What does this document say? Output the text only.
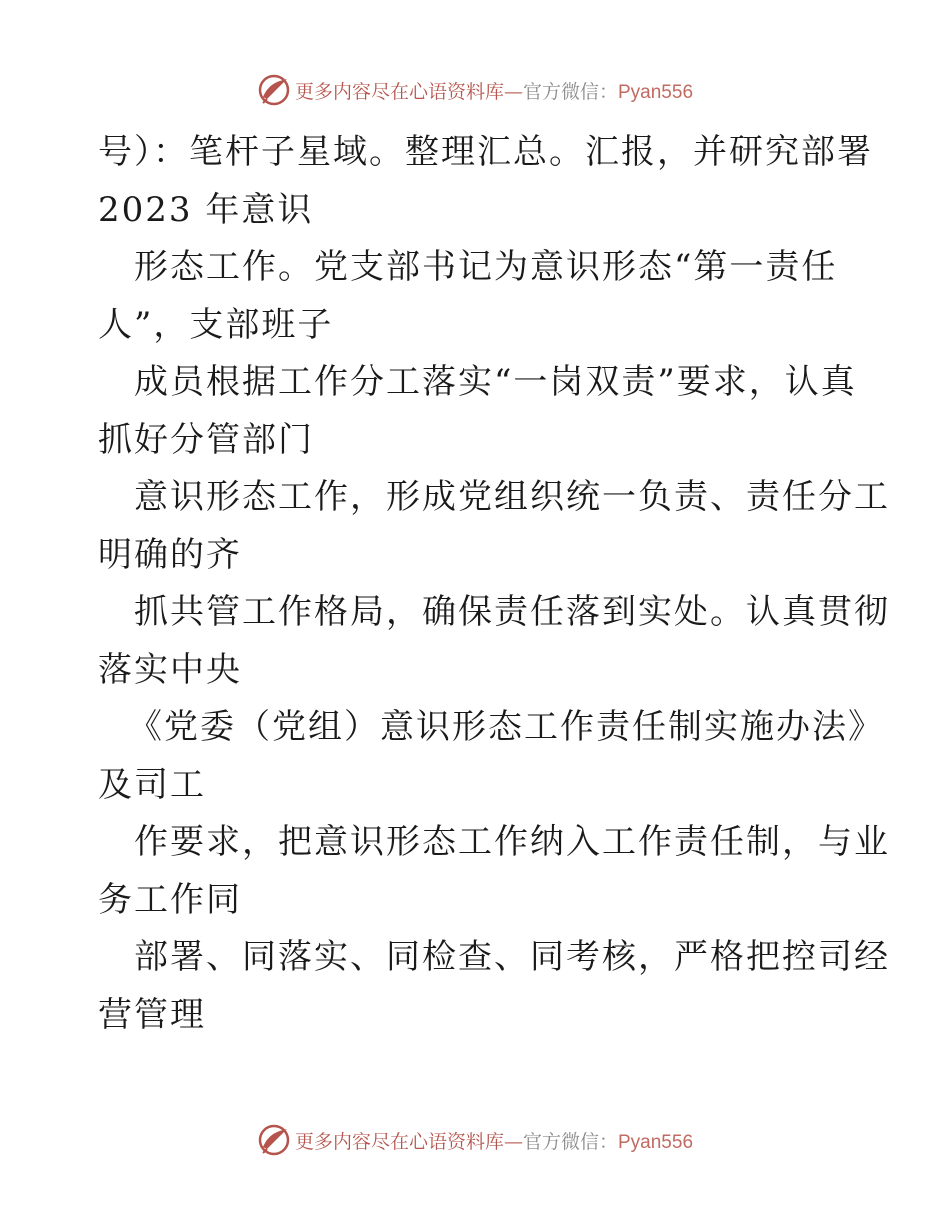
更多内容尽在心语资料库—官方微信：Pyan556
号）：笔杆子星域。整理汇总。汇报，并研究部署
2023 年意识
形态工作。党支部书记为意识形态“第一责任
人”，支部班子
成员根据工作分工落实“一岗双责”要求，认真
抓好分管部门
意识形态工作，形成党组织统一负责、责任分工
明确的齐
抓共管工作格局，确保责任落到实处。认真贯彻
落实中央
《党委（党组）意识形态工作责任制实施办法》
及司工
作要求，把意识形态工作纳入工作责任制，与业
务工作同
部署、同落实、同检查、同考核，严格把控司经
营管理
更多内容尽在心语资料库—官方微信：Pyan556
